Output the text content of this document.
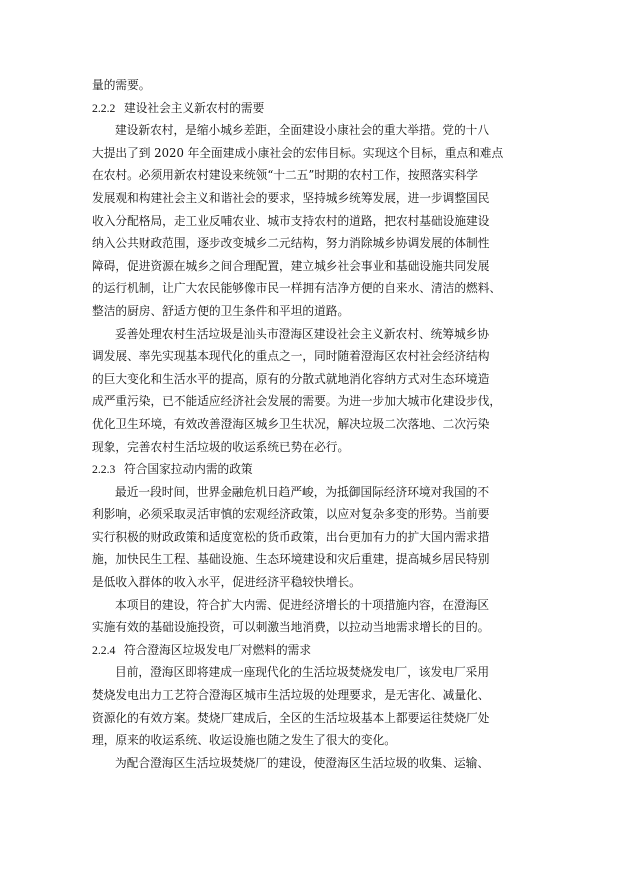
量的需要。
2.2.2 建设社会主义新农村的需要
建设新农村，是缩小城乡差距，全面建设小康社会的重大举措。党的十八
大提出了到 2020 年全面建成小康社会的宏伟目标。实现这个目标，重点和难点
在农村。必须用新农村建设来统领“十二五”时期的农村工作，按照落实科学
发展观和构建社会主义和谐社会的要求，坚持城乡统筹发展，进一步调整国民
收入分配格局，走工业反哺农业、城市支持农村的道路，把农村基础设施建设
纳入公共财政范围，逐步改变城乡二元结构，努力消除城乡协调发展的体制性
障碍，促进资源在城乡之间合理配置，建立城乡社会事业和基础设施共同发展
的运行机制，让广大农民能够像市民一样拥有洁净方便的自来水、清洁的燃料、
整洁的厨房、舒适方便的卫生条件和平坦的道路。
妥善处理农村生活垃圾是汕头市澄海区建设社会主义新农村、统筹城乡协
调发展、率先实现基本现代化的重点之一，同时随着澄海区农村社会经济结构
的巨大变化和生活水平的提高，原有的分散式就地消化容纳方式对生态环境造
成严重污染，已不能适应经济社会发展的需要。为进一步加大城市化建设步伐，
优化卫生环境，有效改善澄海区城乡卫生状况，解决垃圾二次落地、二次污染
现象，完善农村生活垃圾的收运系统已势在必行。
2.2.3 符合国家拉动内需的政策
最近一段时间，世界金融危机日趋严峻，为抵御国际经济环境对我国的不
利影响，必须采取灵活审慎的宏观经济政策，以应对复杂多变的形势。当前要
实行积极的财政政策和适度宽松的货币政策，出台更加有力的扩大国内需求措
施，加快民生工程、基础设施、生态环境建设和灾后重建，提高城乡居民特别
是低收入群体的收入水平，促进经济平稳较快增长。
本项目的建设，符合扩大内需、促进经济增长的十项措施内容，在澄海区
实施有效的基础设施投资，可以刺激当地消费，以拉动当地需求增长的目的。
2.2.4 符合澄海区垃圾发电厂对燃料的需求
目前，澄海区即将建成一座现代化的生活垃圾焚烧发电厂，该发电厂采用
焚烧发电出力工艺符合澄海区城市生活垃圾的处理要求，是无害化、减量化、
资源化的有效方案。焚烧厂建成后，全区的生活垃圾基本上都要运往焚烧厂处
理，原来的收运系统、收运设施也随之发生了很大的变化。
为配合澄海区生活垃圾焚烧厂的建设，使澄海区生活垃圾的收集、运输、
